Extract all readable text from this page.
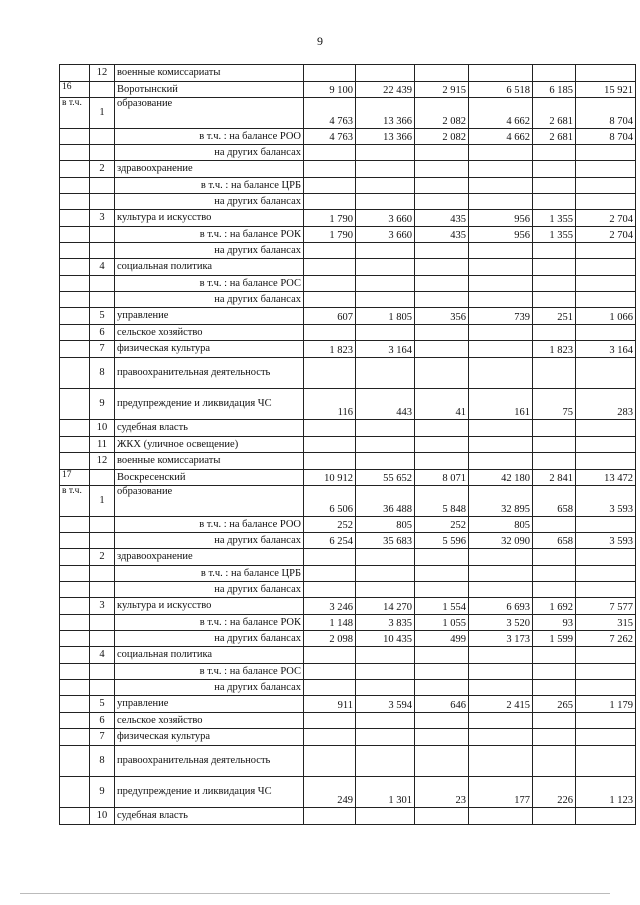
9
	12	военные комиссариаты						
16		Воротынский	9 100	22 439	2 915	6 518	6 185	15 921
в т.ч.	1	образование	4 763	13 366	2 082	4 662	2 681	8 704
		в т.ч. : на балансе РОО	4 763	13 366	2 082	4 662	2 681	8 704
		на других балансах						
	2	здравоохранение						
		в т.ч. : на балансе ЦРБ						
		на других балансах						
	3	культура и искусство	1 790	3 660	435	956	1 355	2 704
		в т.ч. : на балансе РОК	1 790	3 660	435	956	1 355	2 704
		на других балансах						
	4	социальная политика						
		в т.ч. : на балансе РОС						
		на других балансах						
	5	управление	607	1 805	356	739	251	1 066
	6	сельское хозяйство						
	7	физическая культура	1 823	3 164			1 823	3 164
	8	правоохранительная деятельность						
	9	предупреждение и ликвидация ЧС	116	443	41	161	75	283
	10	судебная власть						
	11	ЖКХ (уличное освещение)						
	12	военные комиссариаты						
17		Воскресенский	10 912	55 652	8 071	42 180	2 841	13 472
в т.ч.	1	образование	6 506	36 488	5 848	32 895	658	3 593
		в т.ч. : на балансе РОО	252	805	252	805		
		на других балансах	6 254	35 683	5 596	32 090	658	3 593
	2	здравоохранение						
		в т.ч. : на балансе ЦРБ						
		на других балансах						
	3	культура и искусство	3 246	14 270	1 554	6 693	1 692	7 577
		в т.ч. : на балансе РОК	1 148	3 835	1 055	3 520	93	315
		на других балансах	2 098	10 435	499	3 173	1 599	7 262
	4	социальная политика						
		в т.ч. : на балансе РОС						
		на других балансах						
	5	управление	911	3 594	646	2 415	265	1 179
	6	сельское хозяйство						
	7	физическая культура						
	8	правоохранительная деятельность						
	9	предупреждение и ликвидация ЧС	249	1 301	23	177	226	1 123
	10	судебная власть						
